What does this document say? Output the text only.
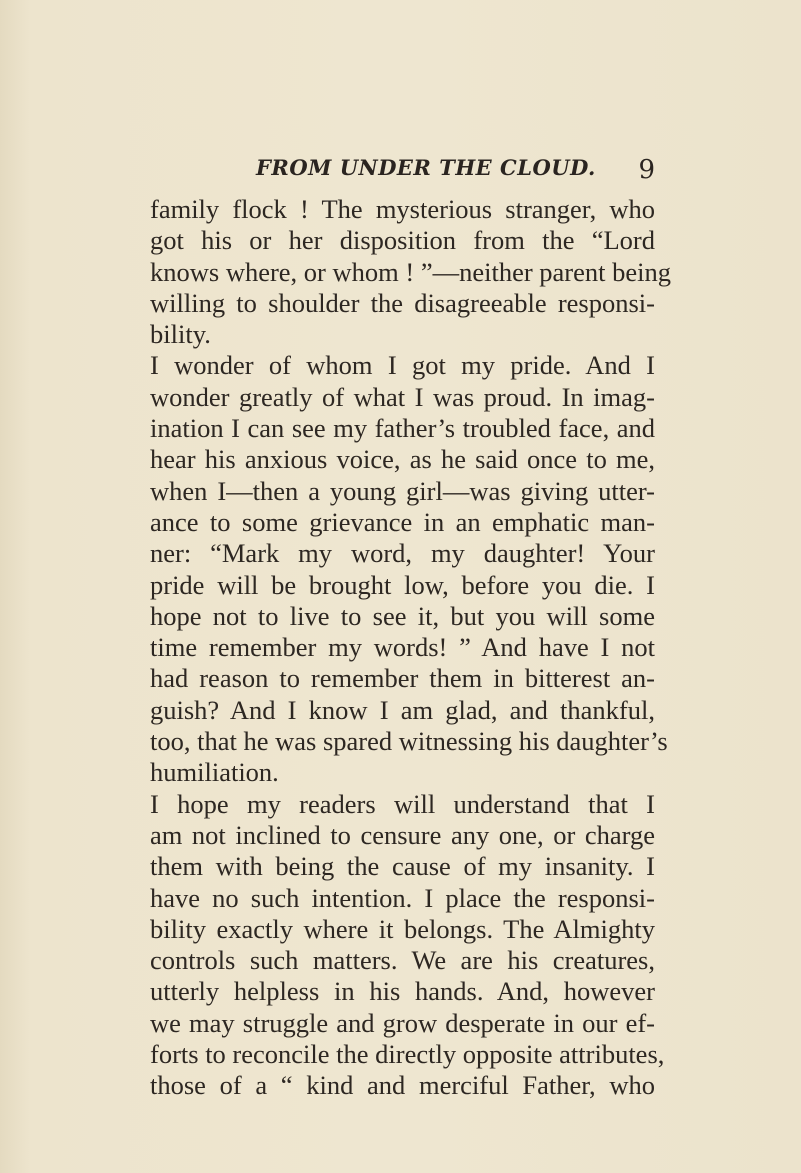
FROM UNDER THE CLOUD. 9
family flock ! The mysterious stranger, who
got his or her disposition from the “Lord
knows where, or whom ! ”—neither parent being
willing to shoulder the disagreeable responsi-
bility.
I wonder of whom I got my pride. And I
wonder greatly of what I was proud. In imag-
ination I can see my father’s troubled face, and
hear his anxious voice, as he said once to me,
when I—then a young girl—was giving utter-
ance to some grievance in an emphatic man-
ner: “Mark my word, my daughter! Your
pride will be brought low, before you die. I
hope not to live to see it, but you will some
time remember my words! ” And have I not
had reason to remember them in bitterest an-
guish? And I know I am glad, and thankful,
too, that he was spared witnessing his daughter’s
humiliation.
I hope my readers will understand that I
am not inclined to censure any one, or charge
them with being the cause of my insanity. I
have no such intention. I place the responsi-
bility exactly where it belongs. The Almighty
controls such matters. We are his creatures,
utterly helpless in his hands. And, however
we may struggle and grow desperate in our ef-
forts to reconcile the directly opposite attributes,
those of a “ kind and merciful Father, who
